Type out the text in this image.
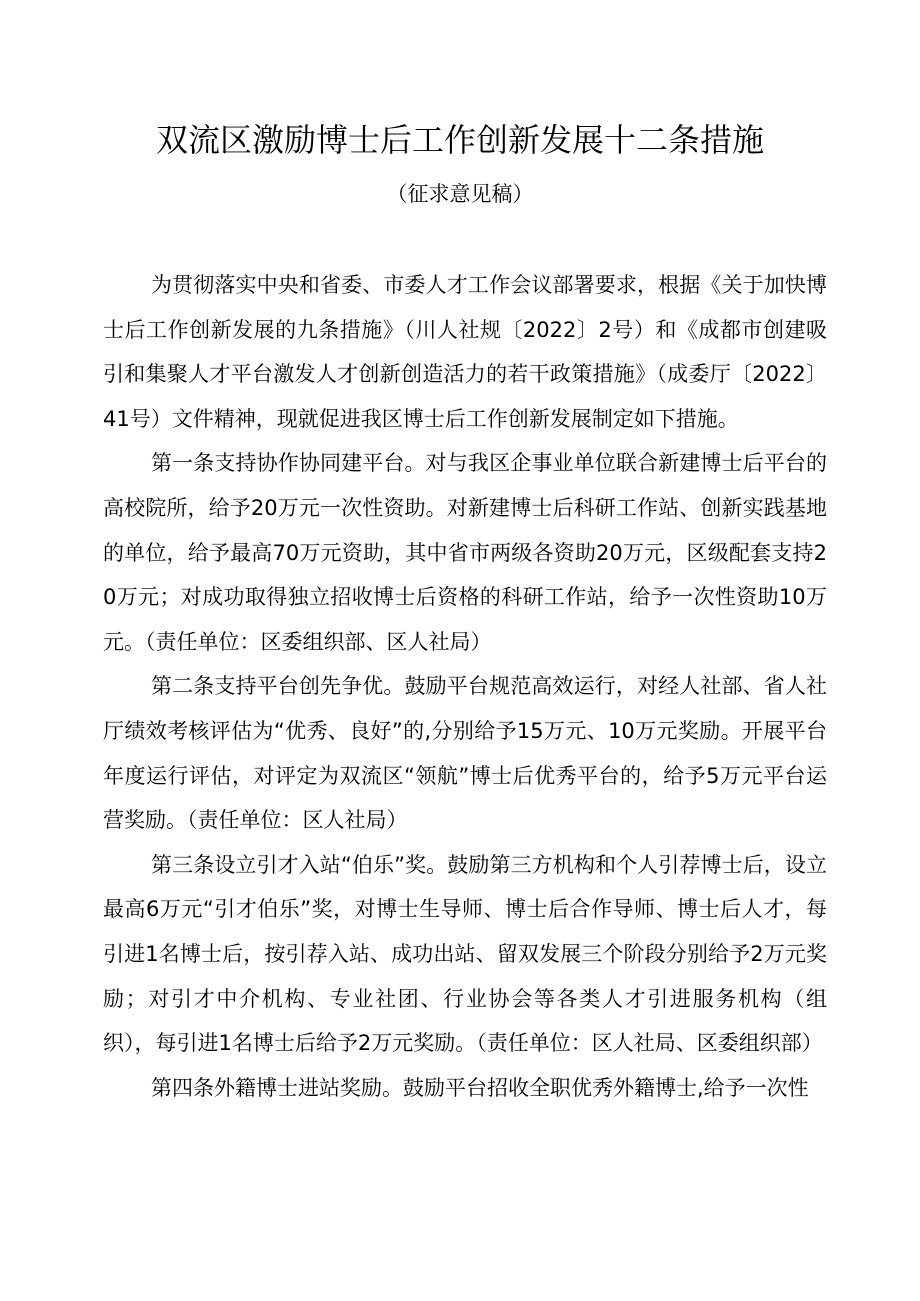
双流区激励博士后工作创新发展十二条措施

（征求意见稿）

为贯彻落实中央和省委、市委人才工作会议部署要求，根据《关于加快博士后工作创新发展的九条措施》（川人社规〔2022〕2号）和《成都市创建吸引和集聚人才平台激发人才创新创造活力的若干政策措施》（成委厅〔2022〕41号）文件精神，现就促进我区博士后工作创新发展制定如下措施。

第一条支持协作协同建平台。对与我区企事业单位联合新建博士后平台的高校院所，给予20万元一次性资助。对新建博士后科研工作站、创新实践基地的单位，给予最高70万元资助，其中省市两级各资助20万元，区级配套支持20万元；对成功取得独立招收博士后资格的科研工作站，给予一次性资助10万元。（责任单位：区委组织部、区人社局）

第二条支持平台创先争优。鼓励平台规范高效运行，对经人社部、省人社厅绩效考核评估为“优秀、良好”的,分别给予15万元、10万元奖励。开展平台年度运行评估，对评定为双流区“领航”博士后优秀平台的，给予5万元平台运营奖励。（责任单位：区人社局）

第三条设立引才入站“伯乐”奖。鼓励第三方机构和个人引荐博士后，设立最高6万元“引才伯乐”奖，对博士生导师、博士后合作导师、博士后人才，每引进1名博士后，按引荐入站、成功出站、留双发展三个阶段分别给予2万元奖励；对引才中介机构、专业社团、行业协会等各类人才引进服务机构（组织），每引进1名博士后给予2万元奖励。（责任单位：区人社局、区委组织部）

第四条外籍博士进站奖励。鼓励平台招收全职优秀外籍博士,给予一次性
